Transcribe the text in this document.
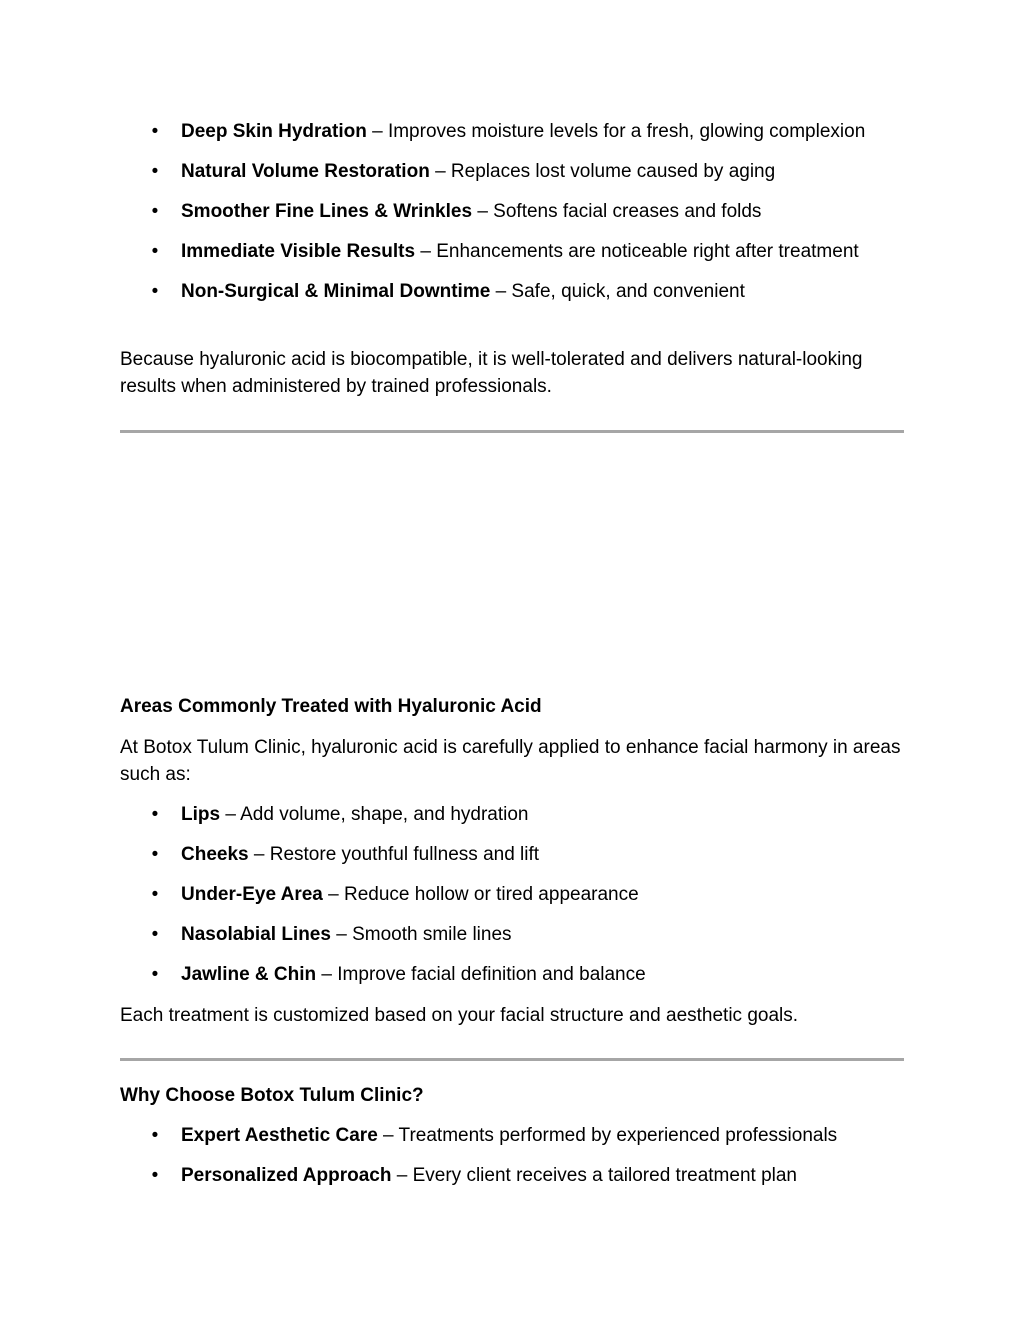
• Deep Skin Hydration – Improves moisture levels for a fresh, glowing complexion
• Natural Volume Restoration – Replaces lost volume caused by aging
• Smoother Fine Lines & Wrinkles – Softens facial creases and folds
• Immediate Visible Results – Enhancements are noticeable right after treatment
• Non-Surgical & Minimal Downtime – Safe, quick, and convenient

Because hyaluronic acid is biocompatible, it is well-tolerated and delivers natural-looking results when administered by trained professionals.

Areas Commonly Treated with Hyaluronic Acid

At Botox Tulum Clinic, hyaluronic acid is carefully applied to enhance facial harmony in areas such as:

• Lips – Add volume, shape, and hydration
• Cheeks – Restore youthful fullness and lift
• Under-Eye Area – Reduce hollow or tired appearance
• Nasolabial Lines – Smooth smile lines
• Jawline & Chin – Improve facial definition and balance

Each treatment is customized based on your facial structure and aesthetic goals.

Why Choose Botox Tulum Clinic?

• Expert Aesthetic Care – Treatments performed by experienced professionals
• Personalized Approach – Every client receives a tailored treatment plan
